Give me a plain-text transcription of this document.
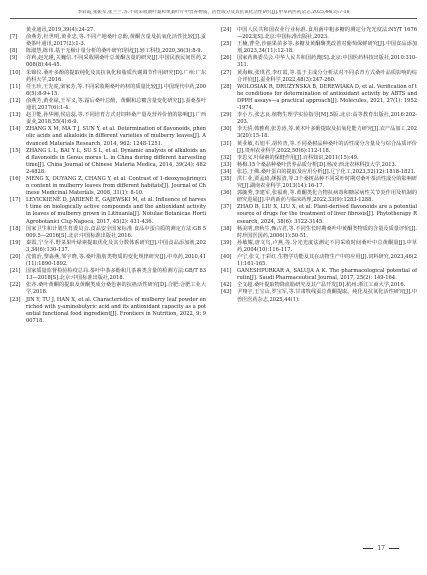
李彩霞,张振军,张兰兰,等.不同采收期叶桑和果桑叶片中营养物质、活性成分及其抗氧化活性研究[J].中草药医药杂志,2025,44(3):7-18
黄业通讯,2019,39(4):24-27.
[7]	俞燕芳,杜世明,黄业忠,等.不同产地桑叶总酚,黄酮含量及抗氧化活性比较[J].蚕桑茶叶通讯,2017(2):1-3.
[8]	陈淑慧,陈伟.基于无极计量分析的桑叶研究现状[J].轻工科技,2020,36(3):8-9.
[9]	许莉,赵光瑾,关巍信.不同采收期桑叶总黄酮含量的研究[J].中国民族民间医药,2008(8):44-45.
[10]	朱锦仪.桑叶多酚的提取纯化及其抗氧化和脂质代谢调节作用研究[D].广州:广东药科大学,2016.
[11]	任玉珍,王先虎,梁家芳,等.不同采收期桑叶药材的质量比较[J].中国现代中药,2006(5):8-9+15.
[12]	俞燕芳,黄业禄,王军义,等.霜后桑叶总酚、黄酮和总糖含量变化研究[J].蚕桑茶叶通讯,2017(6):1-4.
[13]	赵卫能,孙华刚,侯启蕊,等.不同培育方式对饲料桑产量及营养价值的影响[J].广西蚕业,2018,55(4):6-9.
[14]	ZHANG X M, MA T J, SUN Y, et al. Determination of flavonoids, phenolic acids and alkaloids in different varieties of mulberry leaves[J]. Advanced Materials Research, 2014, 962: 1248-1251.
[15]	ZHANG L L, BAI Y L, SU S L, et al. Dynamic analysis of alkaloids and flavonoids in Genus morus L. in China during different harvesting time[J]. China Journal of Chinese Materia Medica, 2014, 39(24): 4822-4828.
[16]	MENG X, OUYANG Z, CHANG Y, et al. Contrast of 1-deoxynojirimycin content in mulberry leaves from different habitats[J]. Journal of Chinese Medicinal Materials, 2008, 31(1): 8-10.
[17]	LEVICKIENĖ D, JARIENĖ E, GAJEWSKI M, et al. Influence of harvest time on biologically active compounds and the antioxidant activity in leaves of mulberry grown in Lithuania[J]. Notulae Botanicae Horti Agrobotanici Cluj-Napoca, 2017, 45(2): 431-436.
[18]	国家卫生和计划生育委员会.食品安全国家标准 食品中蛋白质的测定方法:GB 5009.5—2016[S].北京:中国标准出版社,2016.
[19]	秦霞,宁全平.野菜果叶绿素提取优化及其分数体系研究[J].中国食品添加剂,2023,34(6):130-137.
[20]	沈慎治,黎淼燕,邹宇晓,等.桑叶脂肪类物质的变化规律研究[J].中草药,2010,41(11):1890-1892.
[21]	国家质量监督检验检疫总局.茶叶中茶多酚和儿茶素类含量的检测方法:GB/T 8313—2018[S].北京:中国标准出版社,2018.
[22]	张齐.桑叶黄酮的提取及黄酮类成分桑色素的抗癌活性研究[D].合肥:合肥工业大学,2018.
[23]	JIN Y, TU J, HAN X, et al. Characteristics of mulberry leaf powder enriched with γ-aminobutyric acid and its antioxidant capacity as a potential functional food ingredient[J]. Frontiers in Nutrition, 2022, 9: 900718.
[24]	中国人民共和国农业行业标准.食用菌中粗多糖的测定分光光度法:NY/T 1676—2023[S].北京:中国标准出版社,2023.
[25]	王楠,曹莹,沙丽果苗多等.多糖及黄酮酶类改善对葡萄保鲜研究[J].中国食品添加剂,2023,34(11):12-18.
[26]	国家药典委员会.中华人民共和国药典[S].北京:中国医药科技出版社,2010:310-311.
[27]	黄海鲸,张琪君,李红霞,等.基于主成分分析法对不同杀青方式桑叶品质影响的综合评价[J].蚕业科学,2022,48(3):247-260.
[28]	WOLOSIAK R, DRUŻYŃSKA B, DEREWIAKA D, et al. Verification of the conditions for determination of antioxidant activity by ABTS and DPPH assays—a practical approach[J]. Molecules, 2021, 27(1): 1952-1974.
[29]	李小方,张志良.植物生理学实验指导[M].5版.北京:高等教育出版社,2016:202-203.
[30]	李天骄,韩雅莉,张芳涛,等.黄木叶多酚提取及抗氧化能力研究[J].农产品加工,2023(20):15-18.
[31]	黄业敏,石旭平,胡传青,等.不同桑树品种桑叶的活性成分含量及与综合品质评价[J].贵州农业科学,2022,50(6):112-118.
[32]	李思义.叶绿素的保健作用[J].百科知识,2011(15):49.
[33]	杨梅.15个桑品种桑叶营养品质分析[D].杨凌:西北农林科技大学,2013.
[34]	张芯,王佛.桑叶蛋白的提取及应用分析[J].辽宁化工,2023,52(12):1818-1821.
[35]	洪仁业,贾孟琦,颜振清,等.3个桑树品种不同采叶时期对桑叶茶活性成分的影响研究[J].湖南农业科学,2013(14):16-17.
[36]	郭毓秀,李建军,张福莉,等.黄酮类化合物抗病毒和糖尿病性关节炎作用及机制的研究进展[J].中药新药与临床药理,2022,33(9):1283-1288.
[37]	ZHAO B, LIU X, LIU X, et al. Plant-derived flavonoids are a potential source of drugs for the treatment of liver fibrosis[J]. Phytotherapy Research, 2024, 38(6): 3122-3145.
[38]	杨美明,唐秋生,甄占君,等.不同生长时期桑叶中黄酮类物质的含量及质量评价[J].时珍国医国药,2006(1):50-51.
[39]	孙敏耀,唐文鸟,卢燕,等.分光光度法测定不同采收时间桑叶中总黄酮量[J].中草药,2004(10):116-117.
[40]	卢宁,张文,于彩红.生物学功能及其在动物生产中的应用[J].饲料研究,2023,46(21):161-165.
[41]	GANESHPURKAR A, SALUJA A K. The pharmacological potential of rutin[J]. Saudi Pharmaceutical Journal, 2017, 25(2): 149-164.
[42]	仝文超.桑叶提取物降血脂研究及其产品开发[D].杭州:浙江工商大学,2016.
[43]	尹翔宇,王宝山,罗宝军,等.甘肃牧线蚕总黄酮提取、纯化及抗氧化活性研究[J].中兽医医药杂志,2025,44(1):
17
